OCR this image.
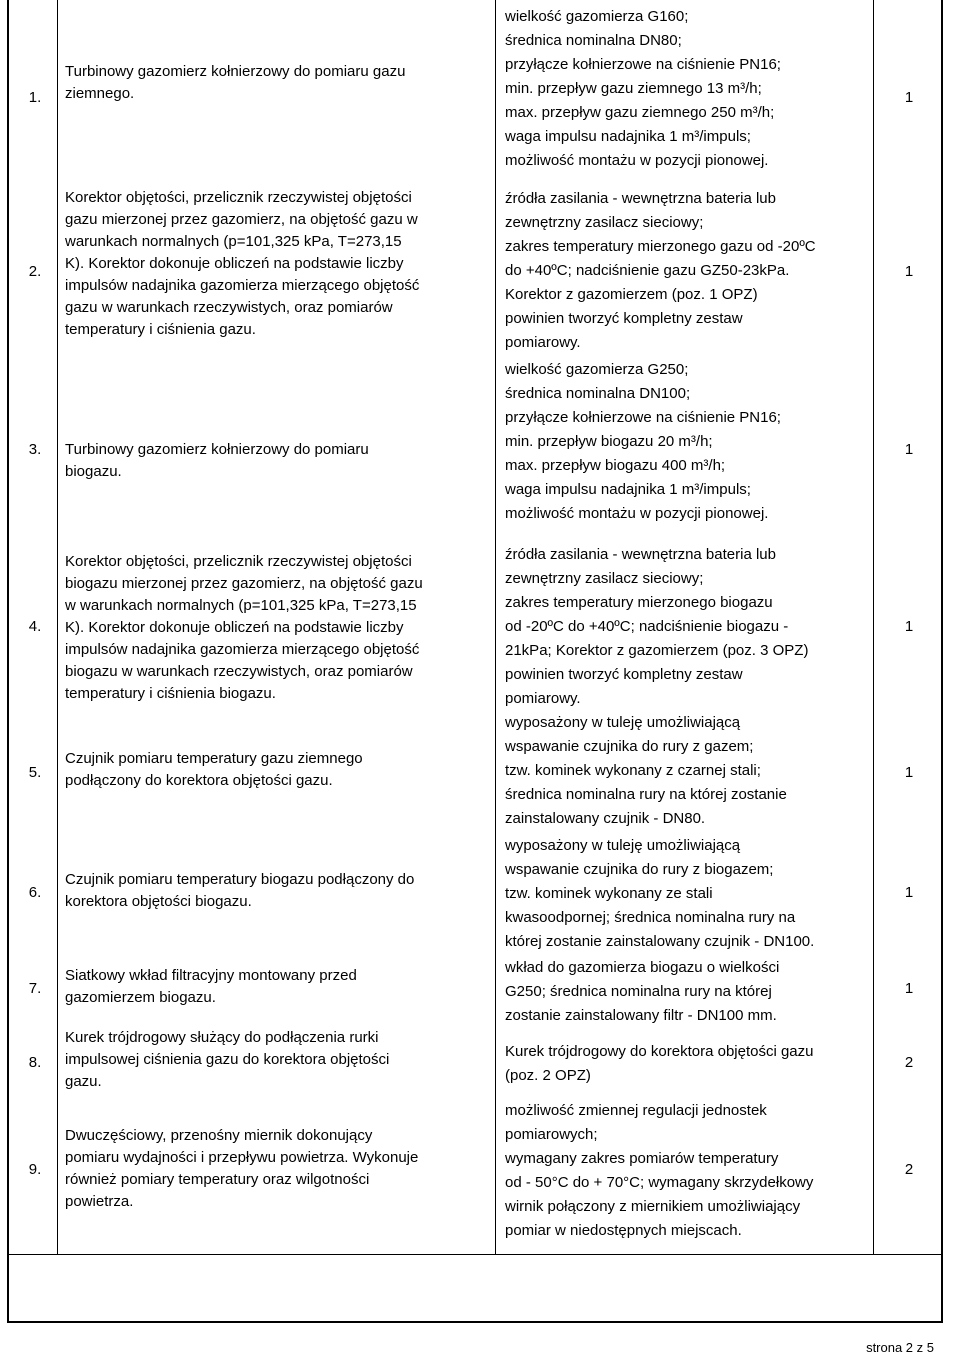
1.
Turbinowy gazomierz kołnierzowy do pomiaru gazu
ziemnego.
wielkość gazomierza G160;
średnica nominalna DN80;
przyłącze kołnierzowe na ciśnienie PN16;
min. przepływ gazu ziemnego 13 m³/h;
max. przepływ gazu ziemnego 250 m³/h;
waga impulsu nadajnika 1 m³/impuls;
możliwość montażu w pozycji pionowej.
1
2.
Korektor objętości, przelicznik rzeczywistej objętości
gazu mierzonej przez gazomierz, na objętość gazu w
warunkach normalnych (p=101,325 kPa, T=273,15
K). Korektor dokonuje obliczeń na podstawie liczby
impulsów nadajnika gazomierza mierzącego objętość
gazu w warunkach rzeczywistych, oraz pomiarów
temperatury i ciśnienia gazu.
źródła zasilania - wewnętrzna bateria lub
zewnętrzny zasilacz sieciowy;
zakres temperatury mierzonego gazu od -20ºC
do +40ºC; nadciśnienie gazu GZ50-23kPa.
Korektor z gazomierzem (poz. 1 OPZ)
powinien tworzyć kompletny zestaw
pomiarowy.
1
3.	Turbinowy gazomierz kołnierzowy do pomiaru
biogazu.
wielkość gazomierza G250;
średnica nominalna DN100;
przyłącze kołnierzowe na ciśnienie PN16;
min. przepływ biogazu 20 m³/h;
max. przepływ biogazu 400 m³/h;
waga impulsu nadajnika 1 m³/impuls;
możliwość montażu w pozycji pionowej.
1
4.
Korektor objętości, przelicznik rzeczywistej objętości
biogazu mierzonej przez gazomierz, na objętość gazu
w warunkach normalnych (p=101,325 kPa, T=273,15
K). Korektor dokonuje obliczeń na podstawie liczby
impulsów nadajnika gazomierza mierzącego objętość
biogazu w warunkach rzeczywistych, oraz pomiarów
temperatury i ciśnienia biogazu.
źródła zasilania - wewnętrzna bateria lub
zewnętrzny zasilacz sieciowy;
zakres temperatury mierzonego biogazu
od -20ºC do +40ºC; nadciśnienie biogazu -
21kPa; Korektor z gazomierzem (poz. 3 OPZ)
powinien tworzyć kompletny zestaw
pomiarowy.
1
5.
Czujnik pomiaru temperatury gazu ziemnego
podłączony do korektora objętości gazu.
wyposażony w tuleję umożliwiającą
wspawanie czujnika do rury z gazem;
tzw. kominek wykonany z czarnej stali;
średnica nominalna rury na której zostanie
zainstalowany czujnik - DN80.
1
6.
Czujnik pomiaru temperatury biogazu podłączony do
korektora objętości biogazu.
wyposażony w tuleję umożliwiającą
wspawanie czujnika do rury z biogazem;
tzw. kominek wykonany ze stali
kwasoodpornej; średnica nominalna rury na
której zostanie zainstalowany czujnik - DN100.
1
7.
Siatkowy wkład filtracyjny montowany przed
gazomierzem biogazu.
wkład do gazomierza biogazu o wielkości
G250; średnica nominalna rury na której
zostanie zainstalowany filtr - DN100 mm.
1
8.
Kurek trójdrogowy służący do podłączenia rurki
impulsowej ciśnienia gazu do korektora objętości
gazu.
Kurek trójdrogowy do korektora objętości gazu
(poz. 2 OPZ)
2
9.
Dwuczęściowy, przenośny miernik dokonujący
pomiaru wydajności i przepływu powietrza. Wykonuje
również pomiary temperatury oraz wilgotności
powietrza.
możliwość zmiennej regulacji jednostek
pomiarowych;
wymagany zakres pomiarów temperatury
od - 50°C do + 70°C; wymagany skrzydełkowy
wirnik połączony z miernikiem umożliwiający
pomiar w niedostępnych miejscach.
2
strona 2 z 5
